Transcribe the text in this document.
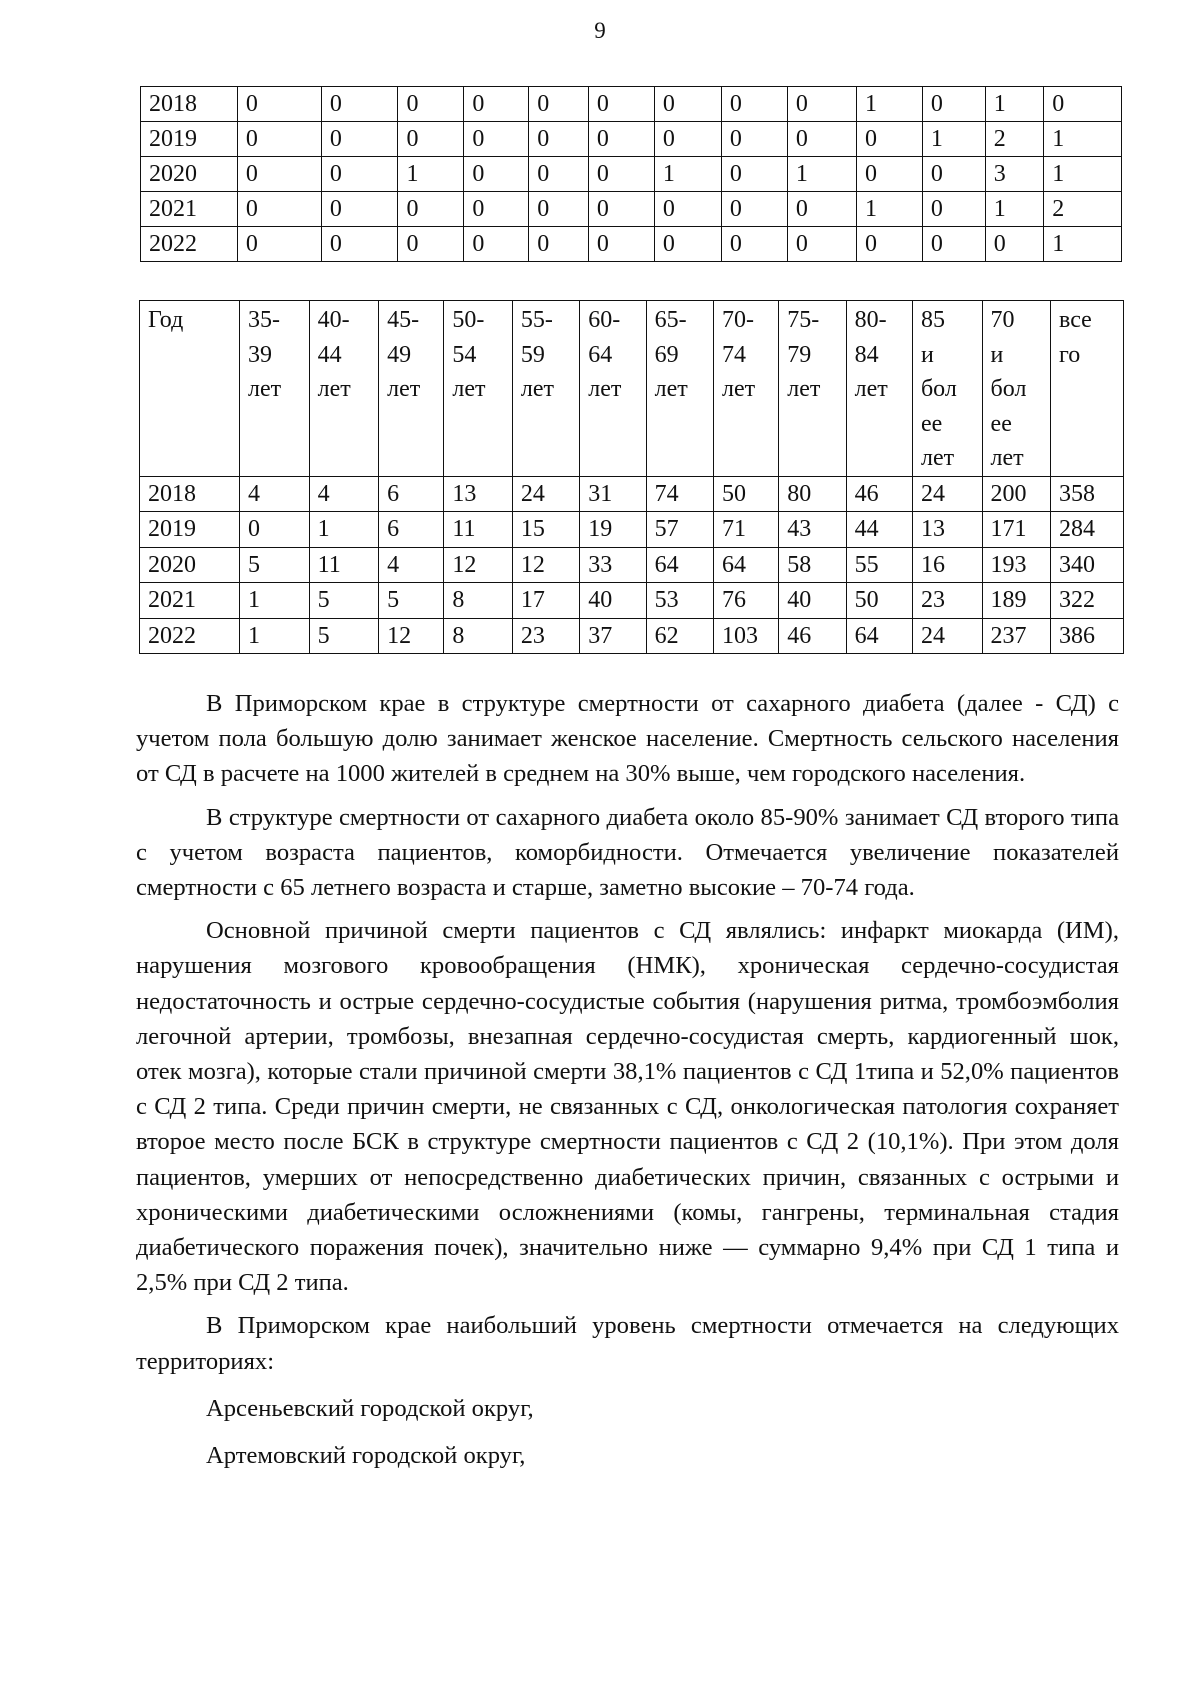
9
2018	0	0	0	0	0	0	0	0	0	1	0	1	0
2019	0	0	0	0	0	0	0	0	0	0	1	2	1
2020	0	0	1	0	0	0	1	0	1	0	0	3	1
2021	0	0	0	0	0	0	0	0	0	1	0	1	2
2022	0	0	0	0	0	0	0	0	0	0	0	0	1
Год	35-
39
лет	40-
44
лет	45-
49
лет	50-
54
лет	55-
59
лет	60-
64
лет	65-
69
лет	70-
74
лет	75-
79
лет	80-
84
лет	85
и
бол
ее
лет	70
и
бол
ее
лет	все
го

2018	4	4	6	13	24	31	74	50	80	46	24	200	358
2019	0	1	6	11	15	19	57	71	43	44	13	171	284
2020	5	11	4	12	12	33	64	64	58	55	16	193	340
2021	1	5	5	8	17	40	53	76	40	50	23	189	322
2022	1	5	12	8	23	37	62	103	46	64	24	237	386

В Приморском крае в структуре смертности от сахарного диабета (далее - СД) с учетом пола большую долю занимает женское население. Смертность сельского населения от СД в расчете на 1000 жителей в среднем на 30% выше, чем городского населения.

В структуре смертности от сахарного диабета около 85-90% занимает СД второго типа с учетом возраста пациентов, коморбидности. Отмечается увеличение показателей смертности с 65 летнего возраста и старше, заметно высокие – 70-74 года.

Основной причиной смерти пациентов с СД являлись: инфаркт миокарда (ИМ), нарушения мозгового кровообращения (НМК), хроническая сердечно-сосудистая недостаточность и острые сердечно-сосудистые события (нарушения ритма, тромбоэмболия легочной артерии, тромбозы, внезапная сердечно-сосудистая смерть, кардиогенный шок, отек мозга), которые стали причиной смерти 38,1% пациентов с СД 1типа и 52,0% пациентов с СД 2 типа. Среди причин смерти, не связанных с СД, онкологическая патология сохраняет второе место после БСК в структуре смертности пациентов с СД 2 (10,1%). При этом доля пациентов, умерших от непосредственно диабетических причин, связанных с острыми и хроническими диабетическими осложнениями (комы, гангрены, терминальная стадия диабетического поражения почек), значительно ниже — суммарно 9,4% при СД 1 типа и 2,5% при СД 2 типа.

В Приморском крае наибольший уровень смертности отмечается на следующих территориях:

Арсеньевский городской округ,

Артемовский городской округ,
